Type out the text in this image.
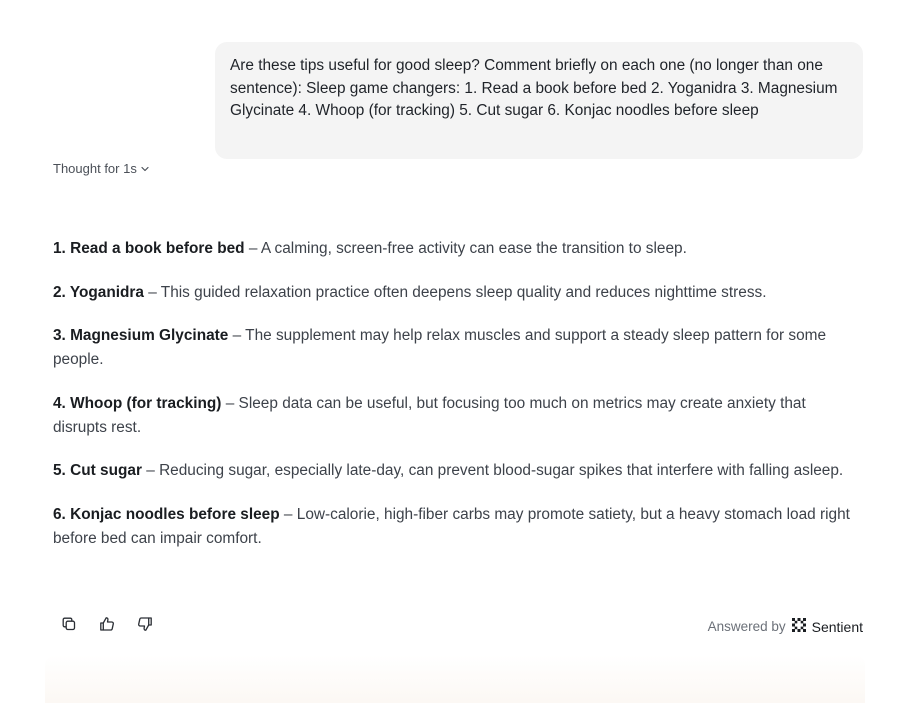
Are these tips useful for good sleep? Comment briefly on each one (no longer than one sentence): Sleep game changers: 1. Read a book before bed 2. Yoganidra 3. Magnesium Glycinate 4. Whoop (for tracking) 5. Cut sugar 6. Konjac noodles before sleep
Thought for 1s
1. Read a book before bed – A calming, screen-free activity can ease the transition to sleep.
2. Yoganidra – This guided relaxation practice often deepens sleep quality and reduces nighttime stress.
3. Magnesium Glycinate – The supplement may help relax muscles and support a steady sleep pattern for some people.
4. Whoop (for tracking) – Sleep data can be useful, but focusing too much on metrics may create anxiety that disrupts rest.
5. Cut sugar – Reducing sugar, especially late-day, can prevent blood-sugar spikes that interfere with falling asleep.
6. Konjac noodles before sleep – Low-calorie, high-fiber carbs may promote satiety, but a heavy stomach load right before bed can impair comfort.
Answered by Sentient
